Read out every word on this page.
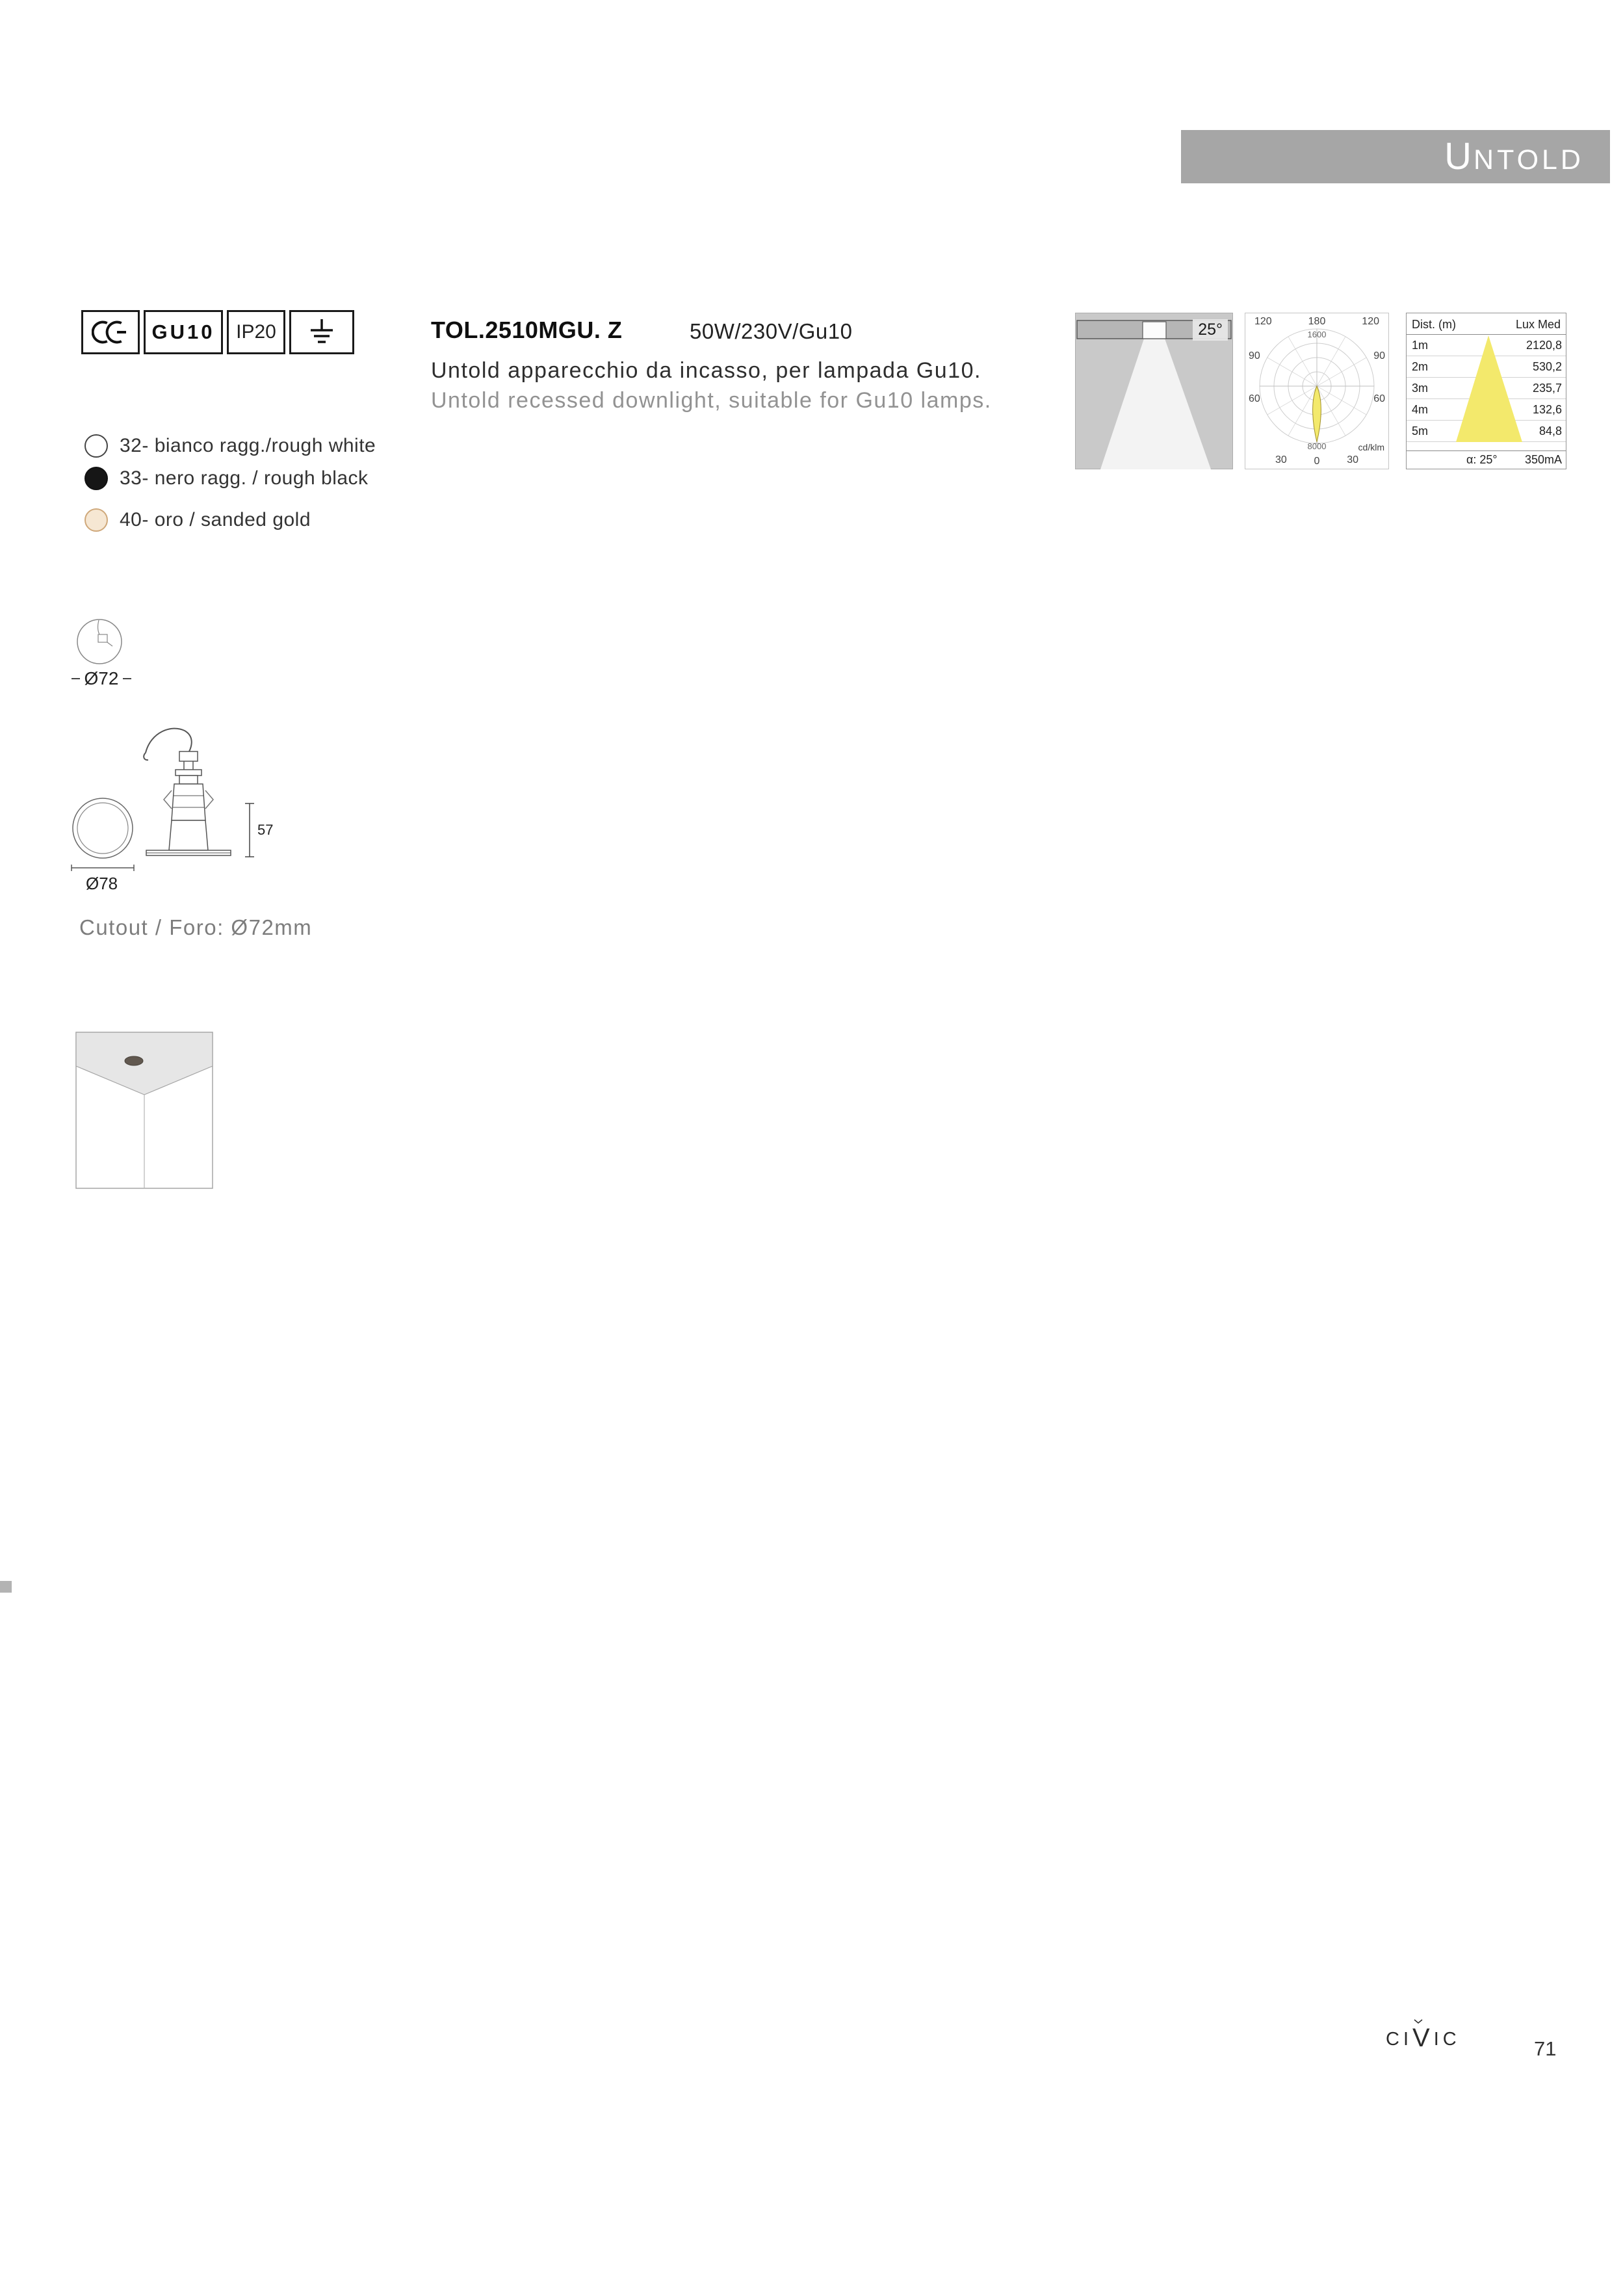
U NTOLD
GU10 IP20	TOL.2510MGU. Z	50W/230V/Gu10
Untold apparecchio da incasso, per lampada Gu10.
Untold recessed downlight, suitable for Gu10 lamps.
32- bianco ragg./rough white
33- nero ragg. / rough black
40- oro / sanded gold
25°	120	180	120
1600
90	90
60	60
30	0	30
8000	cd/klm
Dist. (m)	Lux Med
1m	2120,8
2m	530,2
3m	235,7
4m	132,6
5m	84,8
α: 25° 350mA
Ø72
Ø78
57
Cutout / Foro: Ø72mm
CI V IC	71
